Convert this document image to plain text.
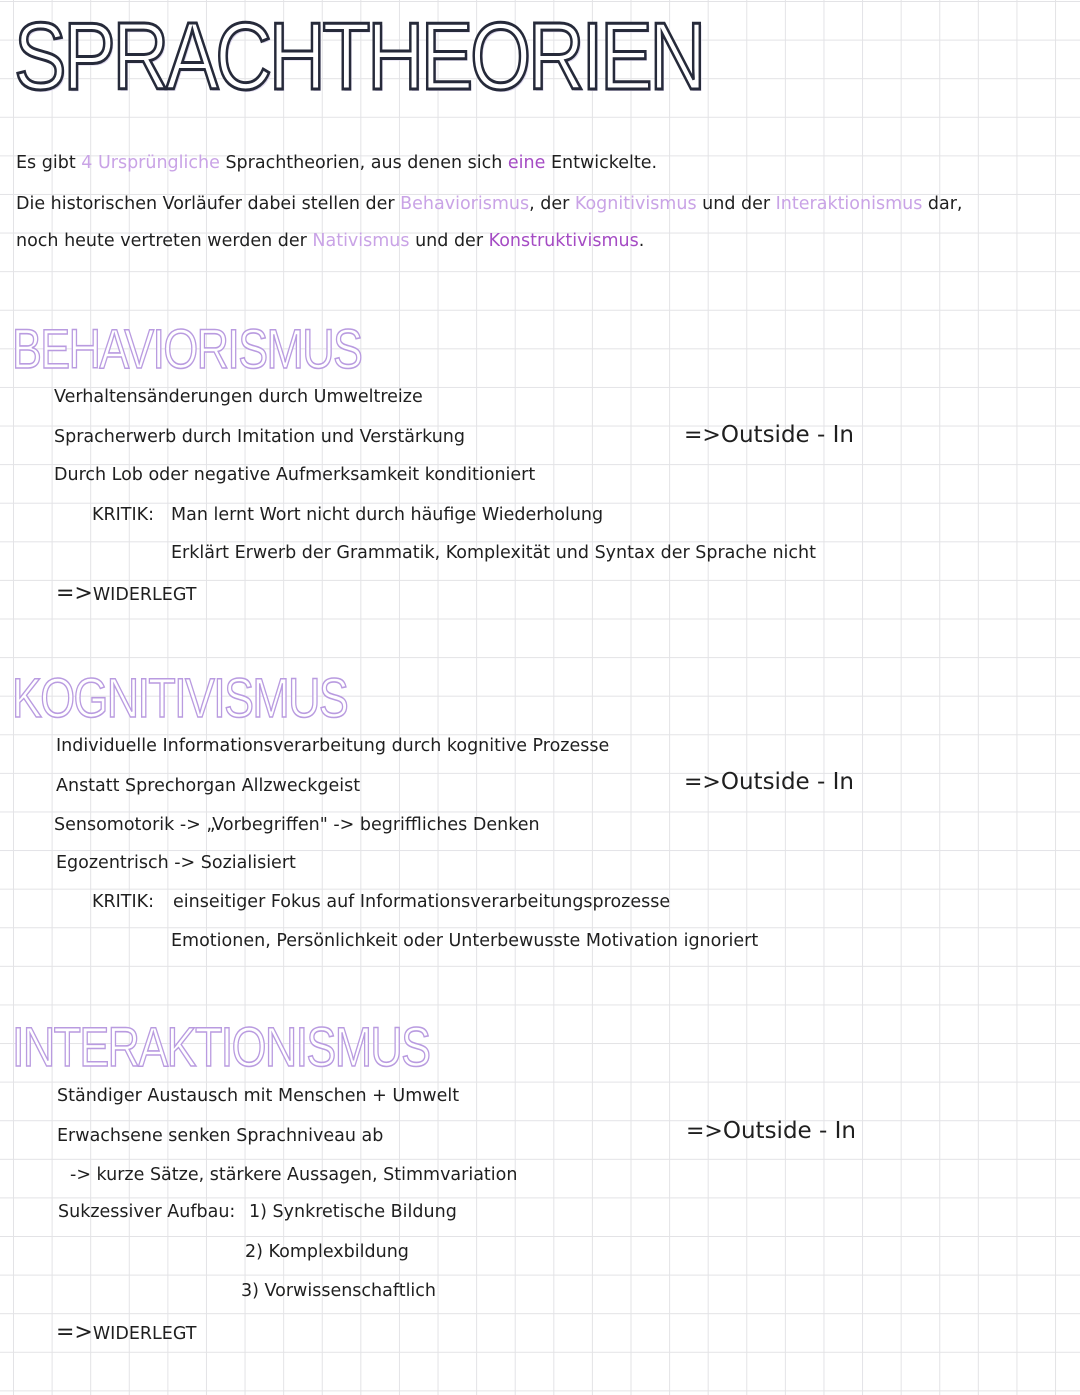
SPRACHTHEORIEN
Es gibt 4 Ursprüngliche Sprachtheorien, aus denen sich eine Entwickelte.
Die historischen Vorläufer dabei stellen der Behaviorismus, der Kognitivismus und der Interaktionismus dar,
noch heute vertreten werden der Nativismus und der Konstruktivismus.
BEHAVIORISMUS
Verhaltensänderungen durch Umweltreize
Spracherwerb durch Imitation und Verstärkung
Durch Lob oder negative Aufmerksamkeit konditioniert
=>Outside - In
KRITIK: Man lernt Wort nicht durch häufige Wiederholung
Erklärt Erwerb der Grammatik, Komplexität und Syntax der Sprache nicht
=>WIDERLEGT
KOGNITIVISMUS
Individuelle Informationsverarbeitung durch kognitive Prozesse
Anstatt Sprechorgan Allzweckgeist
Sensomotorik -> „Vorbegriffen" -> begriffliches Denken
Egozentrisch -> Sozialisiert
=>Outside - In
KRITIK: einseitiger Fokus auf Informationsverarbeitungsprozesse
Emotionen, Persönlichkeit oder Unterbewusste Motivation ignoriert
INTERAKTIONISMUS
Ständiger Austausch mit Menschen + Umwelt
Erwachsene senken Sprachniveau ab
-> kurze Sätze, stärkere Aussagen, Stimmvariation
=>Outside - In
Sukzessiver Aufbau: 1) Synkretische Bildung
2) Komplexbildung
3) Vorwissenschaftlich
=>WIDERLEGT
